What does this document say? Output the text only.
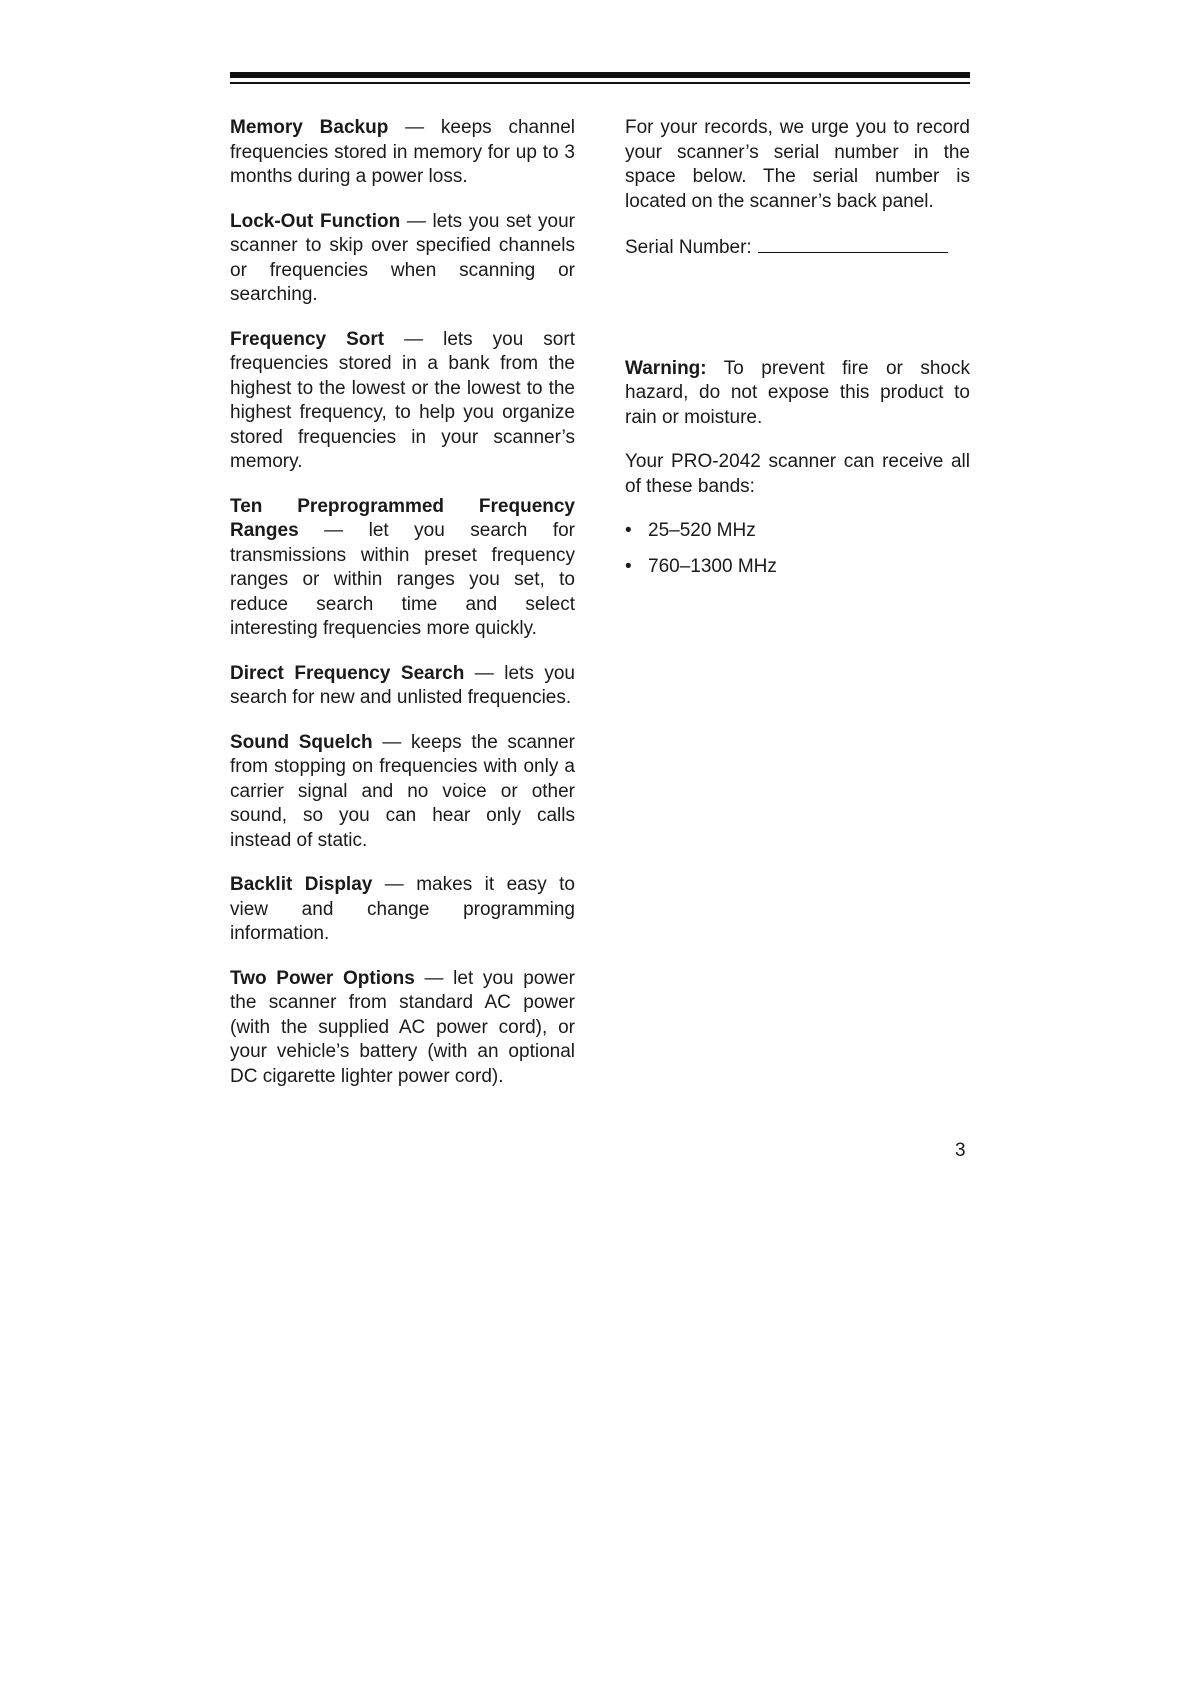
Memory Backup — keeps channel frequencies stored in memory for up to 3 months during a power loss.

Lock-Out Function — lets you set your scanner to skip over specified channels or frequencies when scanning or searching.

Frequency Sort — lets you sort frequencies stored in a bank from the highest to the lowest or the lowest to the highest frequency, to help you organize stored frequencies in your scanner’s memory.

Ten Preprogrammed Frequency Ranges — let you search for transmissions within preset frequency ranges or within ranges you set, to reduce search time and select interesting frequencies more quickly.

Direct Frequency Search — lets you search for new and unlisted frequencies.

Sound Squelch — keeps the scanner from stopping on frequencies with only a carrier signal and no voice or other sound, so you can hear only calls instead of static.

Backlit Display — makes it easy to view and change programming information.

Two Power Options — let you power the scanner from standard AC power (with the supplied AC power cord), or your vehicle’s battery (with an optional DC cigarette lighter power cord).

For your records, we urge you to record your scanner’s serial number in the space below. The serial number is located on the scanner’s back panel.

Serial Number:

Warning: To prevent fire or shock hazard, do not expose this product to rain or moisture.

Your PRO-2042 scanner can receive all of these bands:

• 25–520 MHz
• 760–1300 MHz
3
